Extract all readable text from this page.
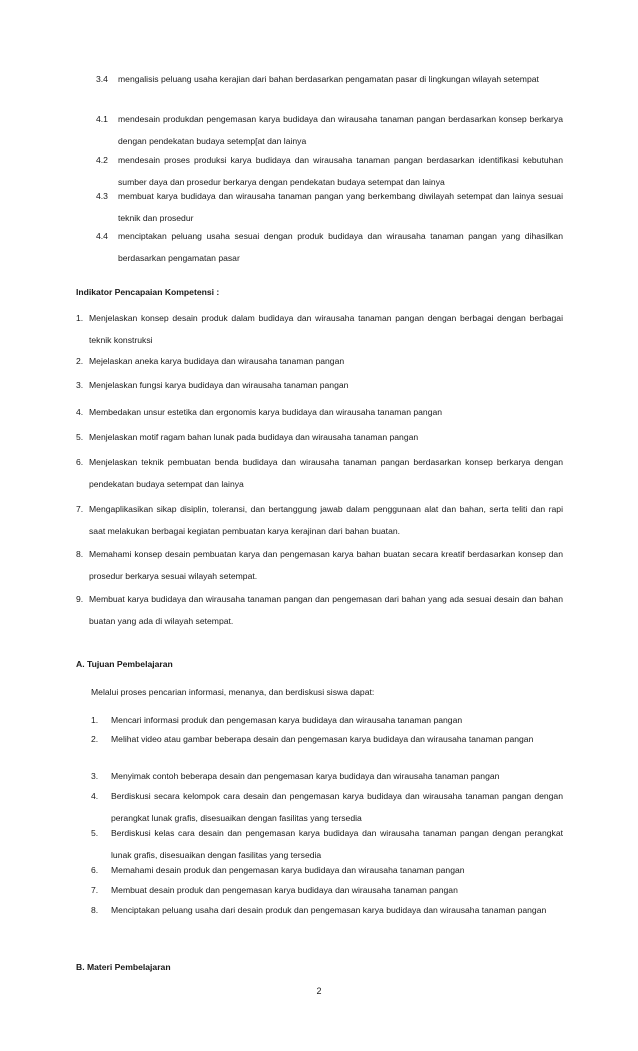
3.4 mengalisis peluang usaha kerajian dari bahan berdasarkan pengamatan pasar di lingkungan wilayah setempat
4.1 mendesain produkdan pengemasan karya budidaya dan wirausaha tanaman pangan berdasarkan konsep berkarya dengan pendekatan budaya setemp[at dan lainya
4.2 mendesain proses produksi karya budidaya dan wirausaha tanaman pangan berdasarkan identifikasi kebutuhan sumber daya dan prosedur berkarya dengan pendekatan budaya setempat dan lainya
4.3 membuat karya budidaya dan wirausaha tanaman pangan yang berkembang diwilayah setempat dan lainya sesuai teknik dan prosedur
4.4 menciptakan peluang usaha sesuai dengan produk budidaya dan wirausaha tanaman pangan yang dihasilkan berdasarkan pengamatan pasar
Indikator Pencapaian Kompetensi :
1. Menjelaskan konsep desain produk dalam budidaya dan wirausaha tanaman pangan dengan berbagai dengan berbagai teknik konstruksi
2. Mejelaskan aneka karya budidaya dan wirausaha tanaman pangan
3. Menjelaskan fungsi karya budidaya dan wirausaha tanaman pangan
4. Membedakan unsur estetika dan ergonomis karya budidaya dan wirausaha tanaman pangan
5. Menjelaskan motif ragam bahan lunak pada budidaya dan wirausaha tanaman pangan
6. Menjelaskan teknik pembuatan benda budidaya dan wirausaha tanaman pangan berdasarkan konsep berkarya dengan pendekatan budaya setempat dan lainya
7. Mengaplikasikan sikap disiplin, toleransi, dan bertanggung jawab dalam penggunaan alat dan bahan, serta teliti dan rapi saat melakukan berbagai kegiatan pembuatan karya kerajinan dari bahan buatan.
8. Memahami konsep desain pembuatan karya dan pengemasan karya bahan buatan secara kreatif berdasarkan konsep dan prosedur berkarya sesuai wilayah setempat.
9. Membuat karya budidaya dan wirausaha tanaman pangan dan pengemasan dari bahan yang ada sesuai desain dan bahan buatan yang ada di wilayah setempat.
A. Tujuan Pembelajaran
Melalui proses pencarian informasi, menanya, dan berdiskusi siswa dapat:
1. Mencari informasi produk dan pengemasan karya budidaya dan wirausaha tanaman pangan
2. Melihat video atau gambar beberapa desain dan pengemasan karya budidaya dan wirausaha tanaman pangan
3. Menyimak contoh beberapa desain dan pengemasan karya budidaya dan wirausaha tanaman pangan
4. Berdiskusi secara kelompok cara desain dan pengemasan karya budidaya dan wirausaha tanaman pangan dengan perangkat lunak grafis, disesuaikan dengan fasilitas yang tersedia
5. Berdiskusi kelas cara desain dan pengemasan karya budidaya dan wirausaha tanaman pangan dengan perangkat lunak grafis, disesuaikan dengan fasilitas yang tersedia
6. Memahami desain produk dan pengemasan karya budidaya dan wirausaha tanaman pangan
7. Membuat desain produk dan pengemasan karya budidaya dan wirausaha tanaman pangan
8. Menciptakan peluang usaha dari desain produk dan pengemasan karya budidaya dan wirausaha tanaman pangan
B. Materi Pembelajaran
2
